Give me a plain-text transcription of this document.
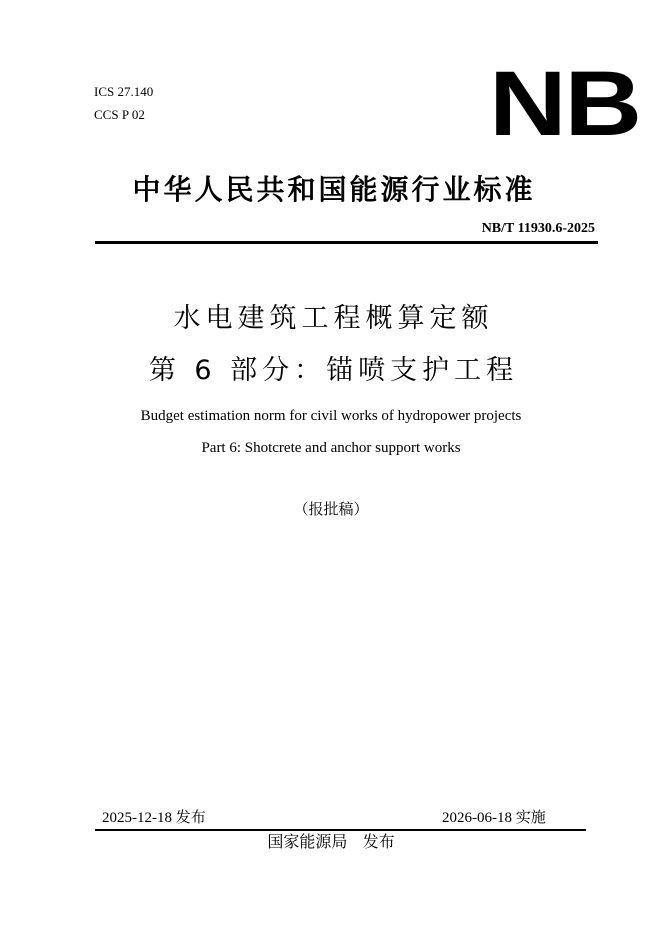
ICS 27.140
CCS P 02	NB
中华人民共和国能源行业标准
NB/T 11930.6-2025
水电建筑工程概算定额
第 6 部分：锚喷支护工程
Budget estimation norm for civil works of hydropower projects
Part 6: Shotcrete and anchor support works
（报批稿）
2025-12-18 发布	2026-06-18 实施
国家能源局   发布
